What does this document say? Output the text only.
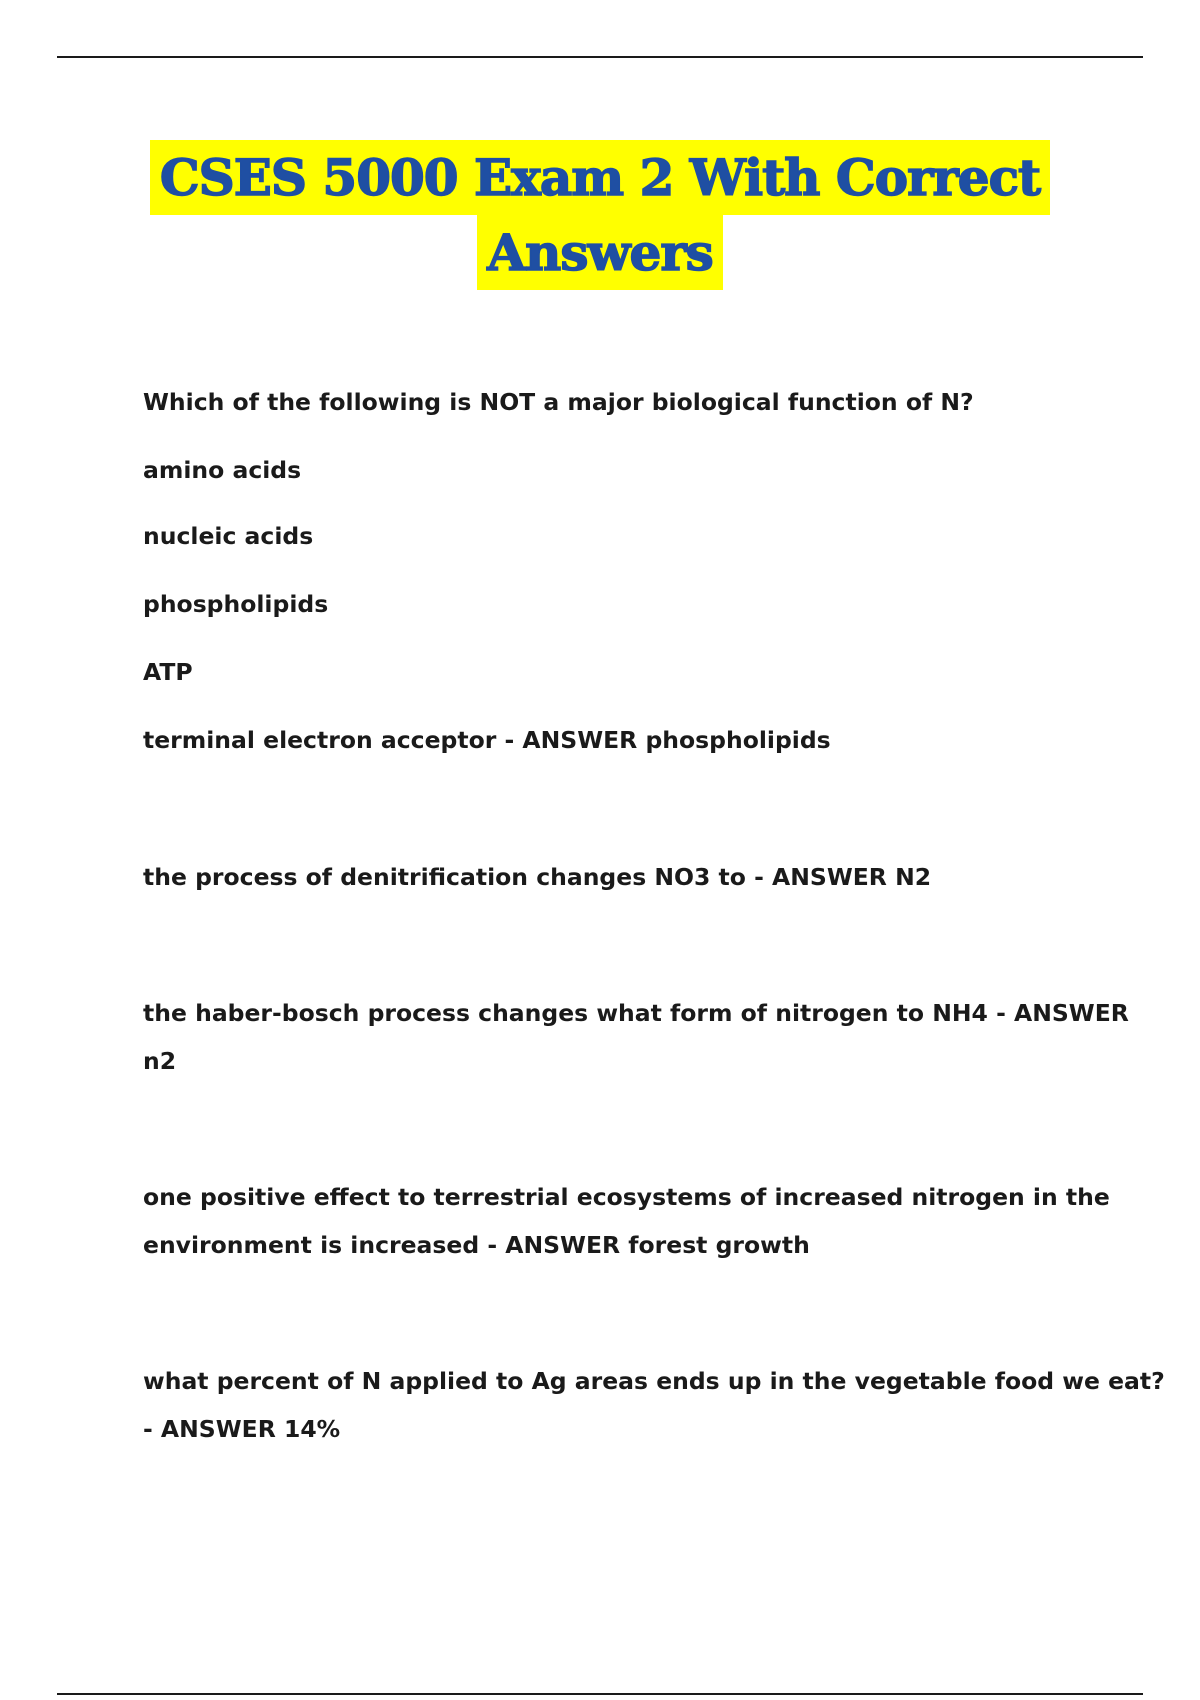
CSES 5000 Exam 2 With Correct
Answers
Which of the following is NOT a major biological function of N?
amino acids
nucleic acids
phospholipids
ATP
terminal electron acceptor - ANSWER phospholipids
the process of denitrification changes NO3 to - ANSWER N2
the haber-bosch process changes what form of nitrogen to NH4 - ANSWER
n2
one positive effect to terrestrial ecosystems of increased nitrogen in the
environment is increased - ANSWER forest growth
what percent of N applied to Ag areas ends up in the vegetable food we eat?
- ANSWER 14%
